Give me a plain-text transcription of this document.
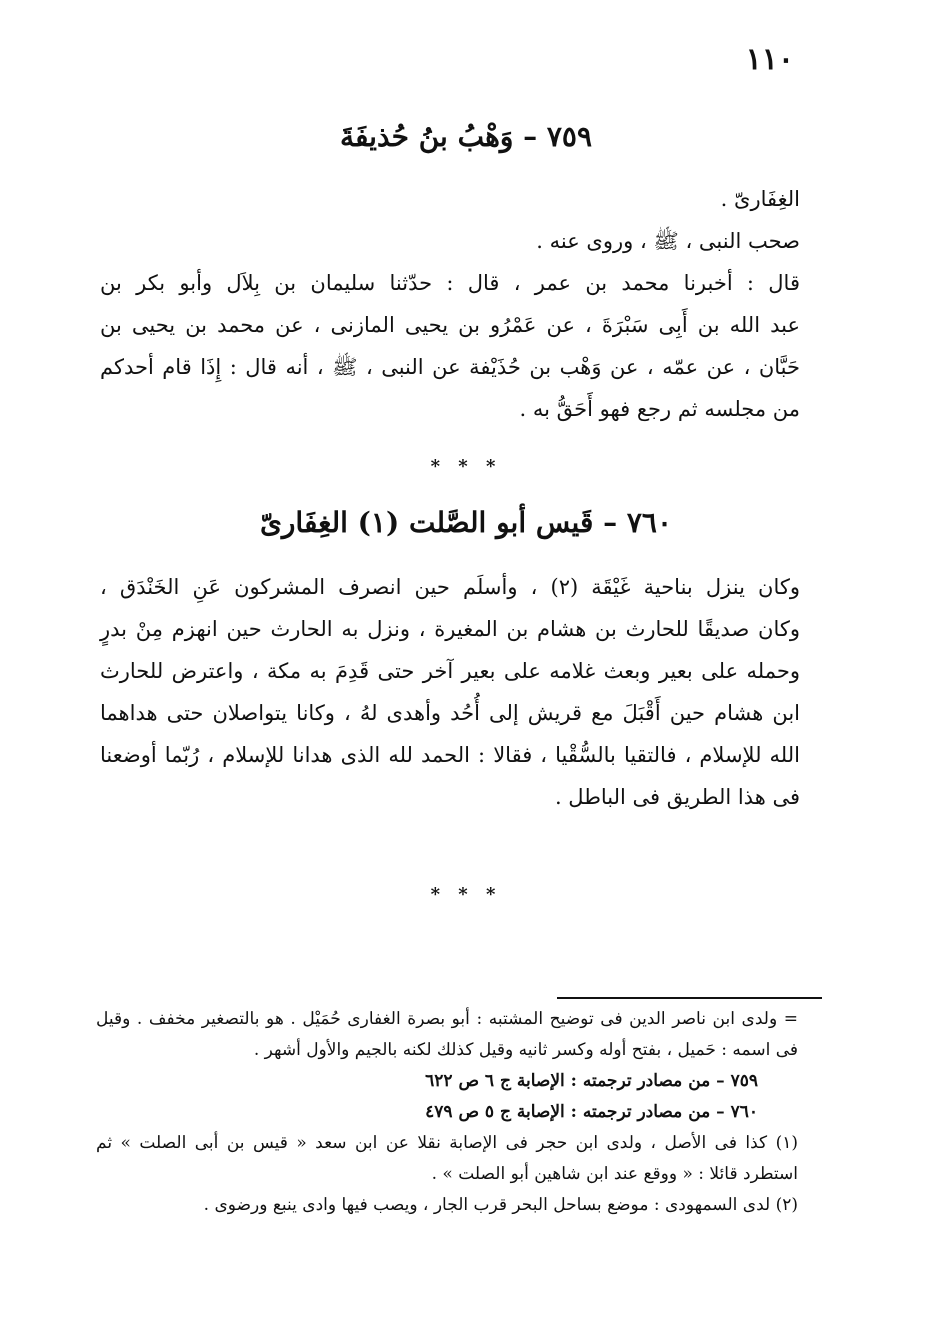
١١٠
٧٥٩ – وَهْبُ بنُ حُذيفَةَ
الغِفَارىّ .
صحب النبى ، ﷺ ، وروى عنه .
قال : أخبرنا محمد بن عمر ، قال : حدّثنا سليمان بن بِلاَل وأبو بكر بن
عبد الله بن أَبِى سَبْرَةَ ، عن عَمْرُو بن يحيى المازنى ، عن محمد بن يحيى بن
حَبَّان ، عن عمّه ، عن وَهْب بن حُذَيْفة عن النبى ، ﷺ ، أنه قال : إِذَا قام أحدكم
من مجلسه ثم رجع فهو أَحَقُّ به .
* * *
٧٦٠ – قَيس أبو الصَّلت (١) الغِفَارىّ
وكان ينزل بناحية غَيْقَة (٢) ، وأسلَم حين انصرف المشركون عَنِ الخَنْدَق ،
وكان صديقًا للحارث بن هشام بن المغيرة ، ونزل به الحارث حين انهزم مِنْ بدرٍ
وحمله على بعير وبعث غلامه على بعير آخر حتى قَدِمَ به مكة ، واعترض للحارث
ابن هشام حين أَقْبَلَ مع قريش إلى أُحُد وأهدى لهُ ، وكانا يتواصلان حتى هداهما
الله للإسلام ، فالتقيا بالسُّقْيا ، فقالا : الحمد لله الذى هدانا للإسلام ، رُبّما أوضعنا
فى هذا الطريق فى الباطل .
* * *
= ولدى ابن ناصر الدين فى توضيح المشتبه : أبو بصرة الغفارى حُمَيْل . هو بالتصغير مخفف . وقيل
فى اسمه : حَميل ، بفتح أوله وكسر ثانيه وقيل كذلك لكنه بالجيم والأول أشهر .
٧٥٩ – من مصادر ترجمته : الإصابة ج ٦ ص ٦٢٢
٧٦٠ – من مصادر ترجمته : الإصابة ج ٥ ص ٤٧٩
(١) كذا فى الأصل ، ولدى ابن حجر فى الإصابة نقلا عن ابن سعد « قيس بن أبى الصلت » ثم
استطرد قائلا : « ووقع عند ابن شاهين أبو الصلت » .
(٢) لدى السمهودى : موضع بساحل البحر قرب الجار ، ويصب فيها وادى ينبع ورضوى .
